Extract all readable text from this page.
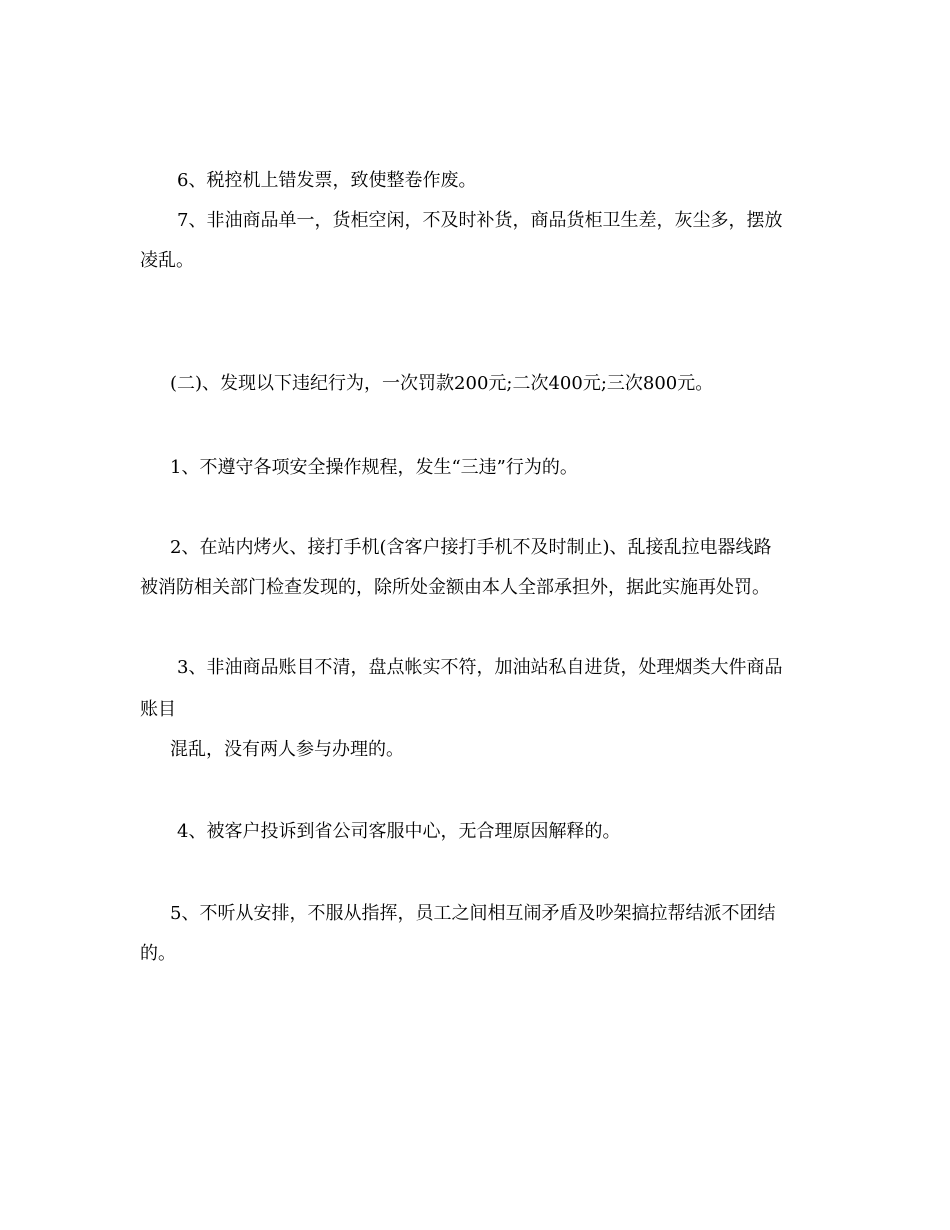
6、税控机上错发票，致使整卷作废。

7、非油商品单一，货柜空闲，不及时补货，商品货柜卫生差，灰尘多，摆放

凌乱。

(二)、发现以下违纪行为，一次罚款200元;二次400元;三次800元。

1、不遵守各项安全操作规程，发生“三违”行为的。

2、在站内烤火、接打手机(含客户接打手机不及时制止)、乱接乱拉电器线路

被消防相关部门检查发现的，除所处金额由本人全部承担外，据此实施再处罚。

3、非油商品账目不清，盘点帐实不符，加油站私自进货，处理烟类大件商品

账目

混乱，没有两人参与办理的。

4、被客户投诉到省公司客服中心，无合理原因解释的。

5、不听从安排，不服从指挥，员工之间相互闹矛盾及吵架搞拉帮结派不团结

的。
